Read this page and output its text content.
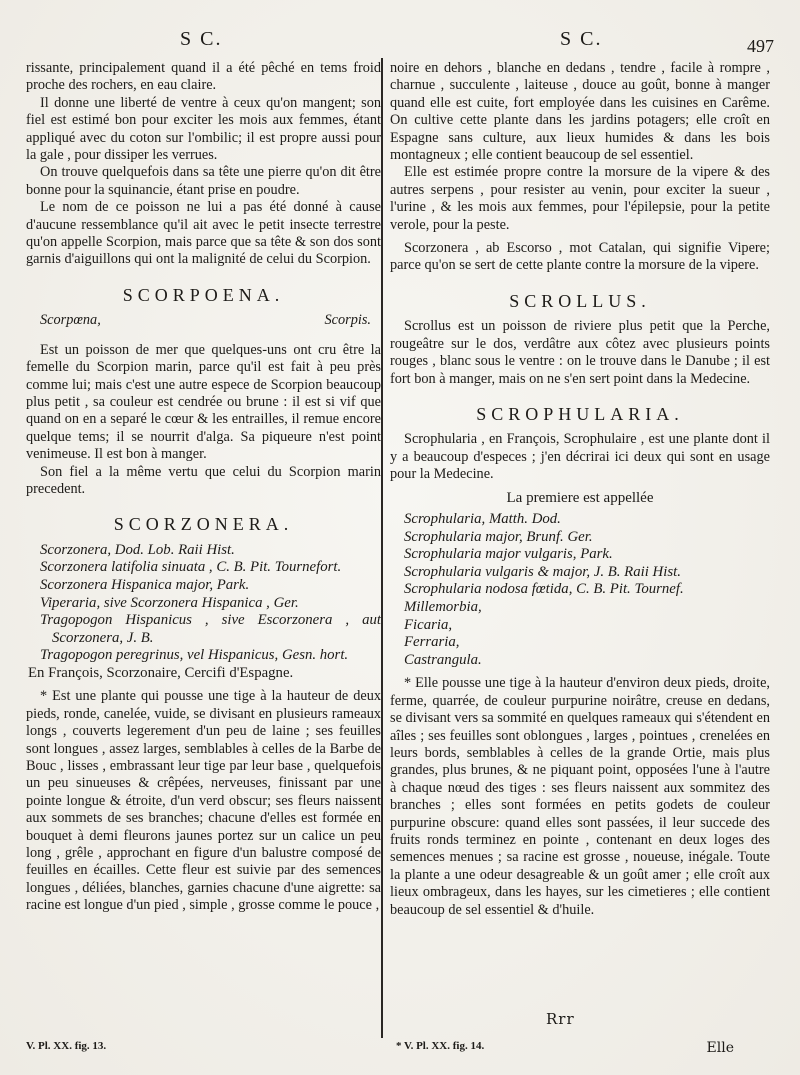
S C.	S C.	497

rissante, principalement quand il a été pêché en tems froid proche des rochers, en eau claire.

Il donne une liberté de ventre à ceux qu'on mangent; son fiel est estimé bon pour exciter les mois aux femmes, étant appliqué avec du coton sur l'ombilic; il est propre aussi pour la gale , pour dissiper les verrues.

On trouve quelquefois dans sa tête une pierre qu'on dit être bonne pour la squinancie, étant prise en poudre.

Le nom de ce poisson ne lui a pas été donné à cause d'aucune ressemblance qu'il ait avec le petit insecte terrestre qu'on appelle Scorpion, mais parce que sa tête & son dos sont garnis d'aiguillons qui ont la malignité de celui du Scorpion.

SCORPOENA.
Scorpœna,	Scorpis.

Est un poisson de mer que quelques-uns ont cru être la femelle du Scorpion marin, parce qu'il est fait à peu près comme lui; mais c'est une autre espece de Scorpion beaucoup plus petit , sa couleur est cendrée ou brune : il est si vif que quand on en a separé le cœur & les entrailles, il remue encore quelque tems; il se nourrit d'alga. Sa piqueure n'est point venimeuse. Il est bon à manger.

Son fiel a la même vertu que celui du Scorpion marin precedent.

SCORZONERA.

Scorzonera, Dod. Lob. Raii Hist.

Scorzonera latifolia sinuata , C. B. Pit. Tournefort.

Scorzonera Hispanica major, Park.

Viperaria, sive Scorzonera Hispanica , Ger.

Tragopogon Hispanicus , sive Escorzonera , aut Scorzonera, J. B.

Tragopogon peregrinus, vel Hispanicus, Gesn. hort.

En François, Scorzonaire, Cercifi d'Espagne.

* Est une plante qui pousse une tige à la hauteur de deux pieds, ronde, canelée, vuide, se divisant en plusieurs rameaux longs , couverts legerement d'un peu de laine ; ses feuilles sont longues , assez larges, semblables à celles de la Barbe de Bouc , lisses , embrassant leur tige par leur base , quelquefois un peu sinueuses & crêpées, nerveuses, finissant par une pointe longue & étroite, d'un verd obscur; ses fleurs naissent aux sommets de ses branches; chacune d'elles est formée en bouquet à demi fleurons jaunes portez sur un calice un peu long , grêle , approchant en figure d'un balustre composé de feuilles en écailles. Cette fleur est suivie par des semences longues , déliées, blanches, garnies chacune d'une aigrette: sa racine est longue d'un pied , simple , grosse comme le pouce ,

noire en dehors , blanche en dedans , tendre , facile à rompre , charnue , succulente , laiteuse , douce au goût, bonne à manger quand elle est cuite, fort employée dans les cuisines en Carême. On cultive cette plante dans les jardins potagers; elle croît en Espagne sans culture, aux lieux humides & dans les bois montagneux ; elle contient beaucoup de sel essentiel.

Elle est estimée propre contre la morsure de la vipere & des autres serpens , pour resister au venin, pour exciter la sueur , l'urine , & les mois aux femmes, pour l'épilepsie, pour la petite verole, pour la peste.

Scorzonera , ab Escorso , mot Catalan, qui signifie Vipere; parce qu'on se sert de cette plante contre la morsure de la vipere.

SCROLLUS.

Scrollus est un poisson de riviere plus petit que la Perche, rougeâtre sur le dos, verdâtre aux côtez avec plusieurs points rouges , blanc sous le ventre : on le trouve dans le Danube ; il est fort bon à manger, mais on ne s'en sert point dans la Medecine.

SCROPHULARIA.

Scrophularia , en François, Scrophulaire , est une plante dont il y a beaucoup d'especes ; j'en décrirai ici deux qui sont en usage pour la Medecine.

La premiere est appellée

Scrophularia, Matth. Dod.

Scrophularia major, Brunf. Ger.

Scrophularia major vulgaris, Park.

Scrophularia vulgaris & major, J. B. Raii Hist.

Scrophularia nodosa fœtida, C. B. Pit. Tournef.

Millemorbia,

Ficaria,

Ferraria,

Castrangula.

* Elle pousse une tige à la hauteur d'environ deux pieds, droite, ferme, quarrée, de couleur purpurine noirâtre, creuse en dedans, se divisant vers sa sommité en quelques rameaux qui s'étendent en aîles ; ses feuilles sont oblongues , larges , pointues , crenelées en leurs bords, semblables à celles de la grande Ortie, mais plus grandes, plus brunes, & ne piquant point, opposées l'une à l'autre à chaque nœud des tiges : ses fleurs naissent aux sommitez des branches ; elles sont formées en petits godets de couleur purpurine obscure: quand elles sont passées, il leur succede des fruits ronds terminez en pointe , contenant en deux loges des semences menues ; sa racine est grosse , noueuse, inégale. Toute la plante a une odeur desagreable & un goût amer ; elle croît aux lieux ombrageux, dans les hayes, sur les cimetieres ; elle contient beaucoup de sel essentiel & d'huile.

V. Pl. XX. fig. 13.	* V. Pl. XX. fig. 14.
Rrr
Elle
